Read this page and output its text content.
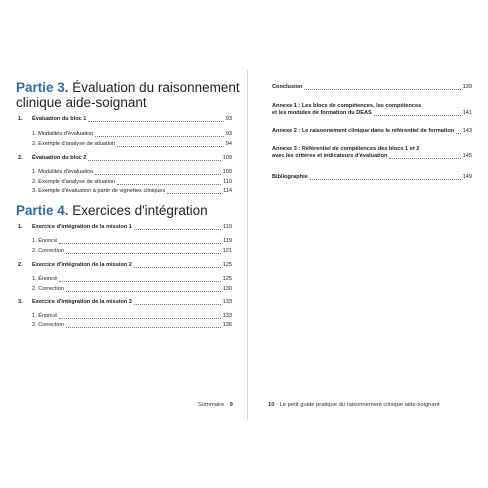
Partie 3. Évaluation du raisonnement
clinique aide-soignant
1.	Évaluation du bloc 1	93
1. Modalités d'évaluation	93
2. Exemple d'analyse de situation	94
2.	Évaluation du bloc 2	109
1. Modalités d'évaluation	109
2. Exemple d'analyse de situation	110
3. Exemple d'évaluation à partir de vignettes cliniques	114
Partie 4. Exercices d'intégration
1.	Exercice d'intégration de la mission 1	119
1. Énoncé	119
2. Correction	121
2.	Exercice d'intégration de la mission 2	125
1. Énoncé	125
2. Correction	130
3.	Exercice d'intégration de la mission 3	133
1. Énoncé	133
2. Correction	136
Sommaire · 9
Conclusion	139
Annexe 1 : Les blocs de compétences, les compétences
et les modules de formation du DEAS	141
Annexe 2 : Le raisonnement clinique dans le référentiel de formation 143
Annexe 3 : Référentiel de compétences des blocs 1 et 2
avec les critères et indicateurs d'évaluation	145
Bibliographie	149
10 · Le petit guide pratique du raisonnement clinique aide-soignant
